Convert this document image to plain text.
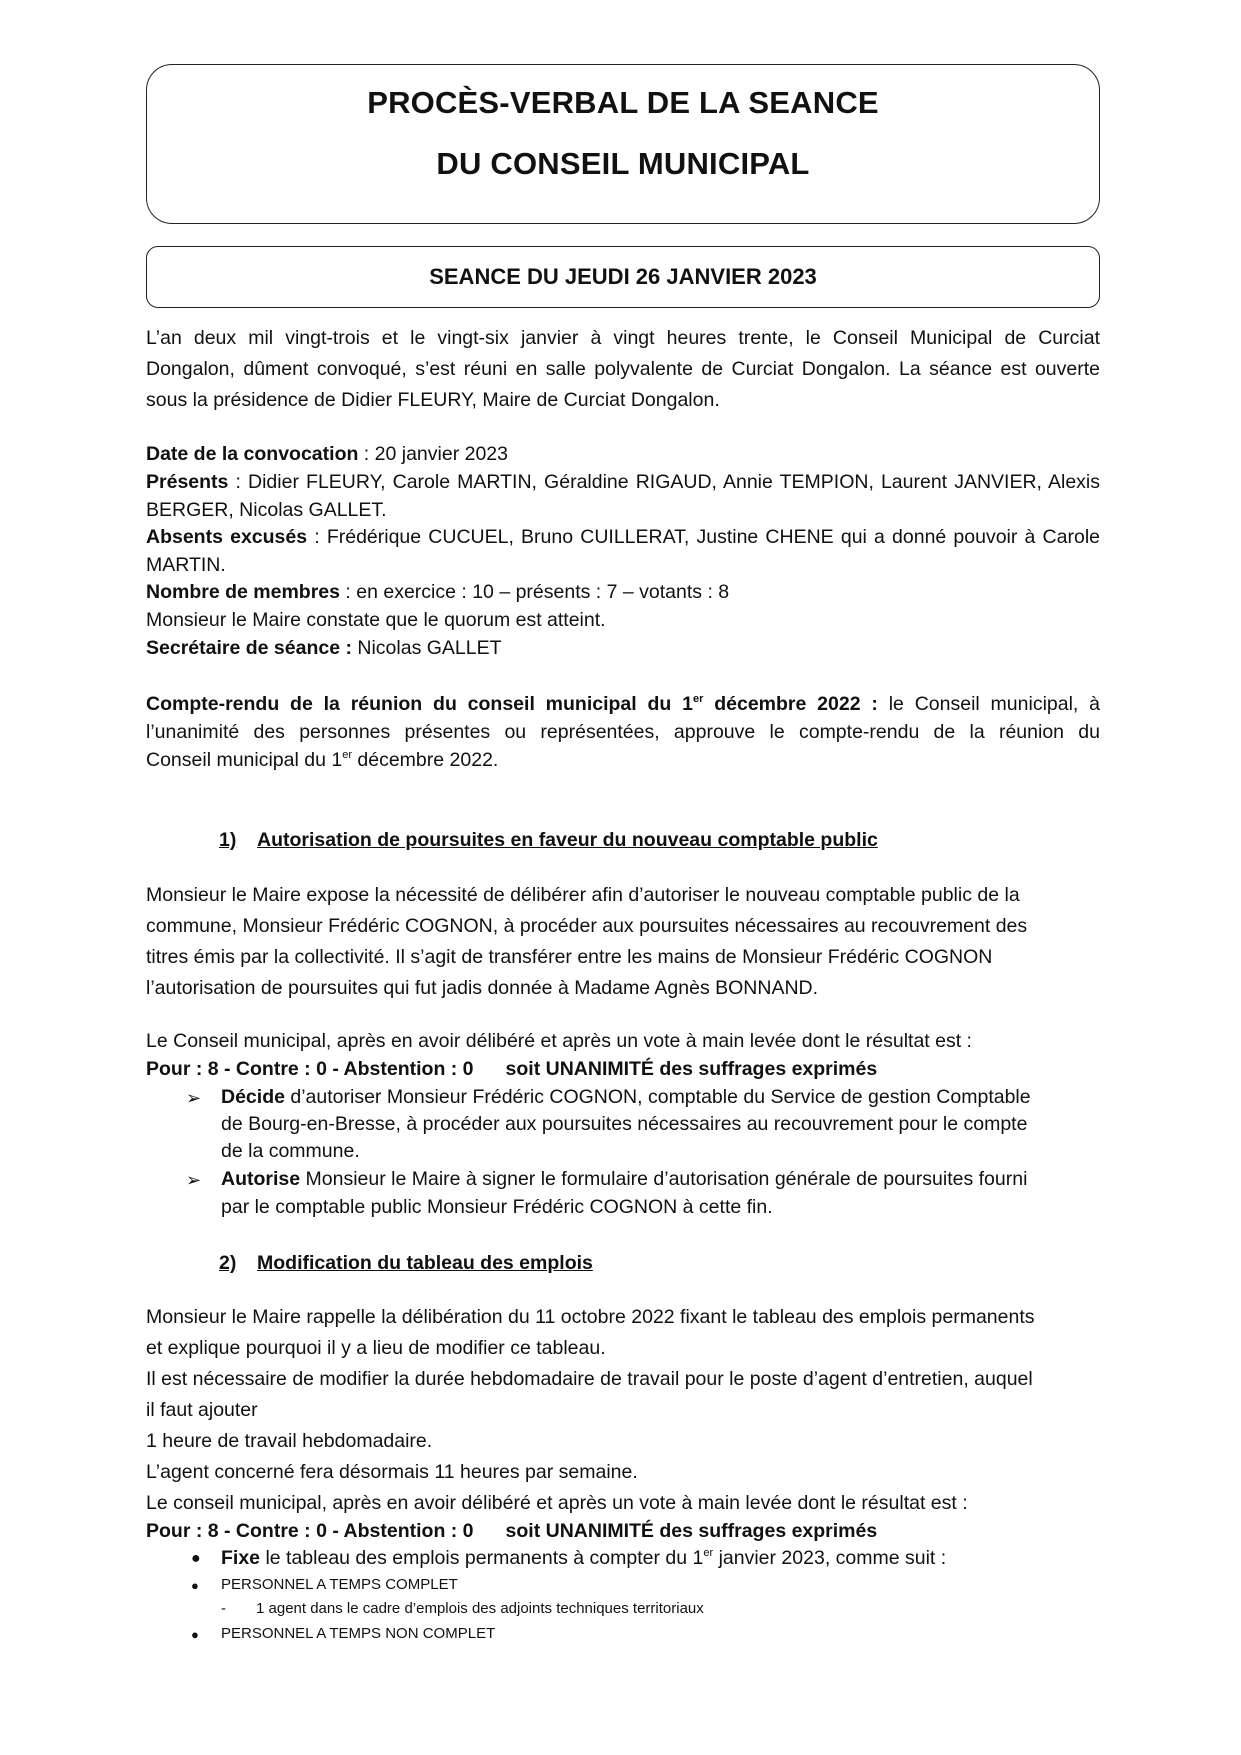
PROCÈS-VERBAL DE LA SEANCE
DU CONSEIL MUNICIPAL
SEANCE DU JEUDI 26 JANVIER 2023
L’an deux mil vingt-trois et le vingt-six janvier à vingt heures trente, le Conseil Municipal de Curciat
Dongalon, dûment convoqué, s’est réuni en salle polyvalente de Curciat Dongalon. La séance est ouverte
sous la présidence de Didier FLEURY, Maire de Curciat Dongalon.
Date de la convocation : 20 janvier 2023
Présents : Didier FLEURY, Carole MARTIN, Géraldine RIGAUD, Annie TEMPION, Laurent JANVIER, Alexis
BERGER, Nicolas GALLET.
Absents excusés : Frédérique CUCUEL, Bruno CUILLERAT, Justine CHENE qui a donné pouvoir à Carole
MARTIN.
Nombre de membres : en exercice : 10 – présents : 7 – votants : 8
Monsieur le Maire constate que le quorum est atteint.
Secrétaire de séance : Nicolas GALLET
Compte-rendu de la réunion du conseil municipal du 1er décembre 2022 : le Conseil municipal, à
l’unanimité des personnes présentes ou représentées, approuve le compte-rendu de la réunion du
Conseil municipal du 1er décembre 2022.
1) Autorisation de poursuites en faveur du nouveau comptable public
Monsieur le Maire expose la nécessité de délibérer afin d’autoriser le nouveau comptable public de la
commune, Monsieur Frédéric COGNON, à procéder aux poursuites nécessaires au recouvrement des
titres émis par la collectivité. Il s’agit de transférer entre les mains de Monsieur Frédéric COGNON
l’autorisation de poursuites qui fut jadis donnée à Madame Agnès BONNAND.
Le Conseil municipal, après en avoir délibéré et après un vote à main levée dont le résultat est :
Pour : 8 - Contre : 0 - Abstention : 0 soit UNANIMITÉ des suffrages exprimés
➢ Décide d’autoriser Monsieur Frédéric COGNON, comptable du Service de gestion Comptable
de Bourg-en-Bresse, à procéder aux poursuites nécessaires au recouvrement pour le compte
de la commune.
➢ Autorise Monsieur le Maire à signer le formulaire d’autorisation générale de poursuites fourni
par le comptable public Monsieur Frédéric COGNON à cette fin.
2) Modification du tableau des emplois
Monsieur le Maire rappelle la délibération du 11 octobre 2022 fixant le tableau des emplois permanents
et explique pourquoi il y a lieu de modifier ce tableau.
Il est nécessaire de modifier la durée hebdomadaire de travail pour le poste d’agent d’entretien, auquel
il faut ajouter
1 heure de travail hebdomadaire.
L’agent concerné fera désormais 11 heures par semaine.
Le conseil municipal, après en avoir délibéré et après un vote à main levée dont le résultat est :
Pour : 8 - Contre : 0 - Abstention : 0 soit UNANIMITÉ des suffrages exprimés
● Fixe le tableau des emplois permanents à compter du 1er janvier 2023, comme suit :
● PERSONNEL A TEMPS COMPLET
- 1 agent dans le cadre d’emplois des adjoints techniques territoriaux
● PERSONNEL A TEMPS NON COMPLET
